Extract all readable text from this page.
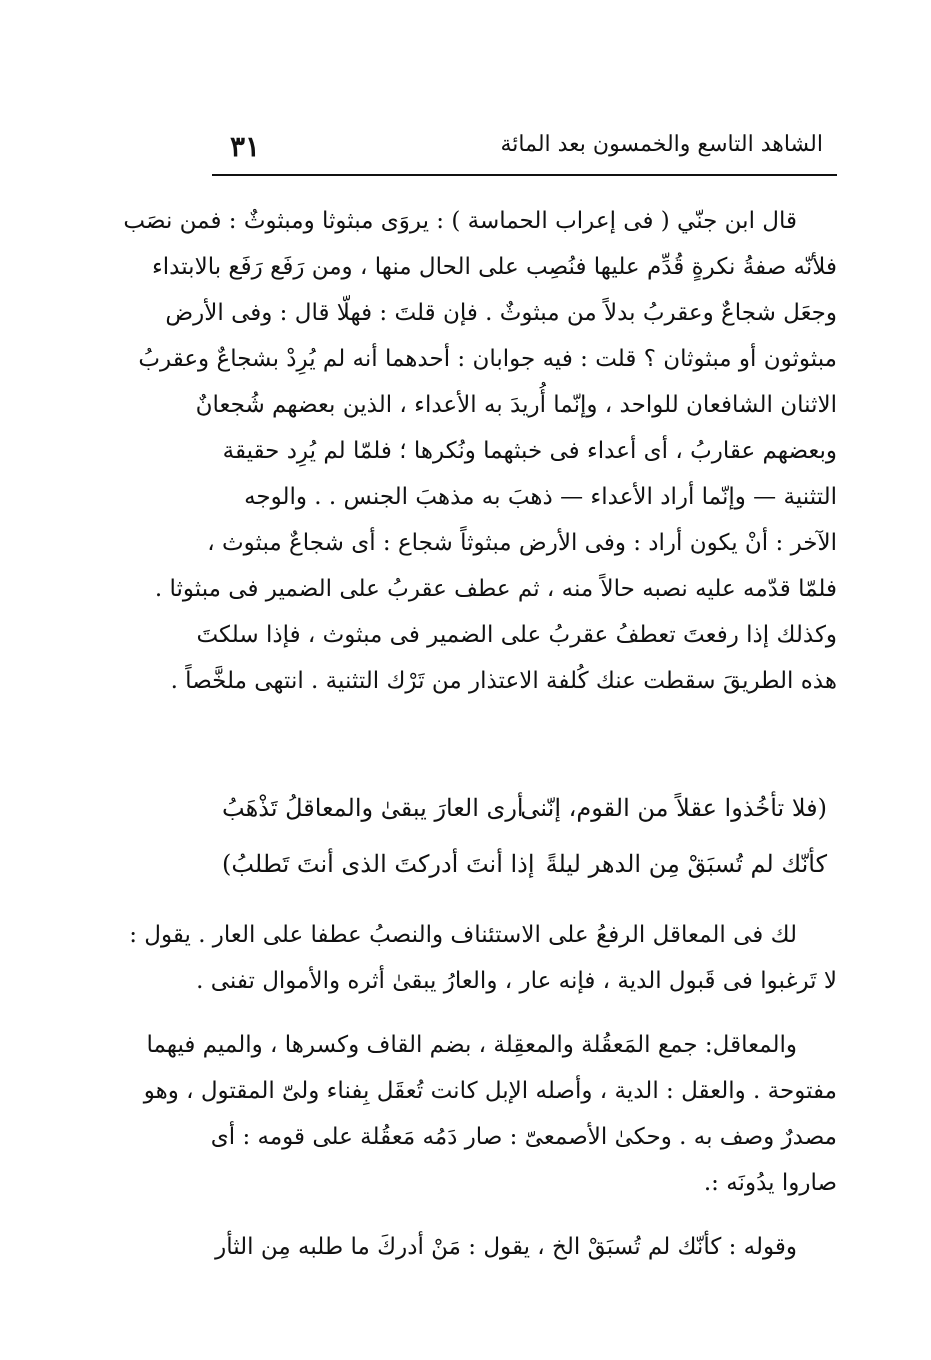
الشاهد التاسع والخمسون بعد المائة
٣١
قال ابن جنّي ( فى إعراب الحماسة ) : يروَى مبثوثا ومبثوثٌ : فمن نصَب
فلأنّه صفةُ نكرةٍ قُدِّم عليها فنُصِب على الحال منها ، ومن رَفَع رَفَع بالابتداء
وجعَل شجاعٌ وعقربُ بدلاً من مبثوثٌ . فإن قلتَ : فهلّا قال : وفى الأرض
مبثوثون أو مبثوثان ؟ قلت : فيه جوابان : أحدهما أنه لم يُرِدْ بشجاعٌ وعقربُ
الاثنان الشافعان للواحد ، وإنّما أُريدَ به الأعداء ، الذين بعضهم شُجعانٌ
وبعضهم عقاربُ ، أى أعداء فى خبثهما ونُكرها ؛ فلمّا لم يُرِد حقيقة
التثنية — وإنّما أراد الأعداء — ذهبَ به مذهبَ الجنس . . والوجه
الآخر : أنْ يكون أراد : وفى الأرض مبثوثاً شجاع : أى شجاعٌ مبثوث ،
فلمّا قدّمه عليه نصبه حالاً منه ، ثم عطف عقربُ على الضمير فى مبثوثا .
وكذلك إذا رفعتَ تعطفُ عقربُ على الضمير فى مبثوث ، فإذا سلكتَ
هذه الطريقَ سقطت عنك كُلفة الاعتذار من تَرْك التثنية . انتهى ملخَّصاً .
(فلا تأخُذوا عقلاً من القوم، إنّنى
أرى العارَ يبقىٰ والمعاقلُ تَذْهَبُ
كأنّك لم تُسبَقْ مِن الدهر ليلةً
إذا أنتَ أدركتَ الذى أنتَ تَطلبُ)
لك فى المعاقل الرفعُ على الاستئناف والنصبُ عطفا على العار . يقول :
لا تَرغبوا فى قَبول الدية ، فإنه عار ، والعارُ يبقىٰ أثره والأموال تفنى .
والمعاقل: جمع المَعقُلة والمعقِلة ، بضم القاف وكسرها ، والميم فيهما
مفتوحة . والعقل : الدية ، وأصله الإبل كانت تُعقَل بِفناء ولىّ المقتول ، وهو
مصدرٌ وصف به . وحكىٰ الأصمعىّ : صار دَمُه مَعقُلة على قومه : أى
صاروا يدُونَه :.
وقوله : كأنّك لم تُسبَقْ الخ ، يقول : مَنْ أدركَ ما طلبه مِن الثأر
